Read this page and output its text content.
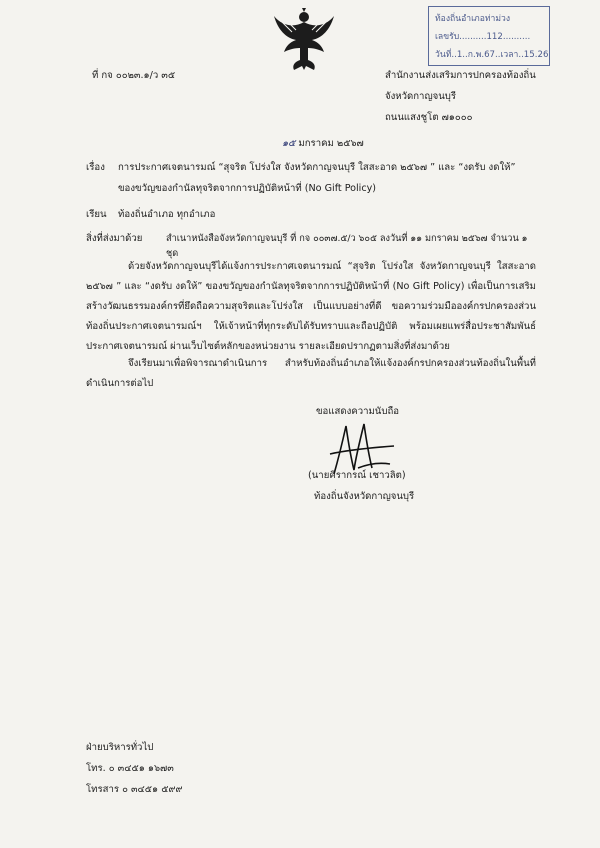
ท้องถิ่นอำเภอท่าม่วง
เลขรับ..........112..........
วันที่..1..ก.พ.67..เวลา..15.26
ที่ กจ ๐๐๒๓.๑/ว ๓๕	สำนักงานส่งเสริมการปกครองท้องถิ่น
จังหวัดกาญจนบุรี
ถนนแสงชูโต ๗๑๐๐๐
๑๕ มกราคม ๒๕๖๗
เรื่อง การประกาศเจตนารมณ์ “สุจริต โปร่งใส จังหวัดกาญจนบุรี ใสสะอาด ๒๕๖๗ ” และ “งดรับ งดให้”
ของขวัญของกำนัลทุจริตจากการปฏิบัติหน้าที่ (No Gift Policy)
เรียน ท้องถิ่นอำเภอ ทุกอำเภอ
สิ่งที่ส่งมาด้วย	สำเนาหนังสือจังหวัดกาญจนบุรี ที่ กจ ๐๐๓๗.๕/ว ๖๐๕ ลงวันที่ ๑๑ มกราคม ๒๕๖๗ จำนวน ๑ ชุด
ด้วยจังหวัดกาญจนบุรีได้แจ้งการประกาศเจตนารมณ์ “สุจริต โปร่งใส จังหวัดกาญจนบุรี ใสสะอาด ๒๕๖๗ ” และ “งดรับ งดให้” ของขวัญของกำนัลทุจริตจากการปฏิบัติหน้าที่ (No Gift Policy) เพื่อเป็นการเสริมสร้างวัฒนธรรมองค์กรที่ยึดถือความสุจริตและโปร่งใส เป็นแบบอย่างที่ดี ขอความร่วมมือองค์กรปกครองส่วนท้องถิ่นประกาศเจตนารมณ์ฯ ให้เจ้าหน้าที่ทุกระดับได้รับทราบและถือปฏิบัติ พร้อมเผยแพร่สื่อประชาสัมพันธ์ประกาศเจตนารมณ์ ผ่านเว็บไซต์หลักของหน่วยงาน รายละเอียดปรากฏตามสิ่งที่ส่งมาด้วย
จึงเรียนมาเพื่อพิจารณาดำเนินการ สำหรับท้องถิ่นอำเภอให้แจ้งองค์กรปกครองส่วนท้องถิ่นในพื้นที่ดำเนินการต่อไป
ขอแสดงความนับถือ
(นายคิรากรณ์ เชาวลิต)
ท้องถิ่นจังหวัดกาญจนบุรี
ฝ่ายบริหารทั่วไป
โทร. ๐ ๓๔๕๑ ๑๖๗๓
โทรสาร ๐ ๓๔๕๑ ๕๙๙
